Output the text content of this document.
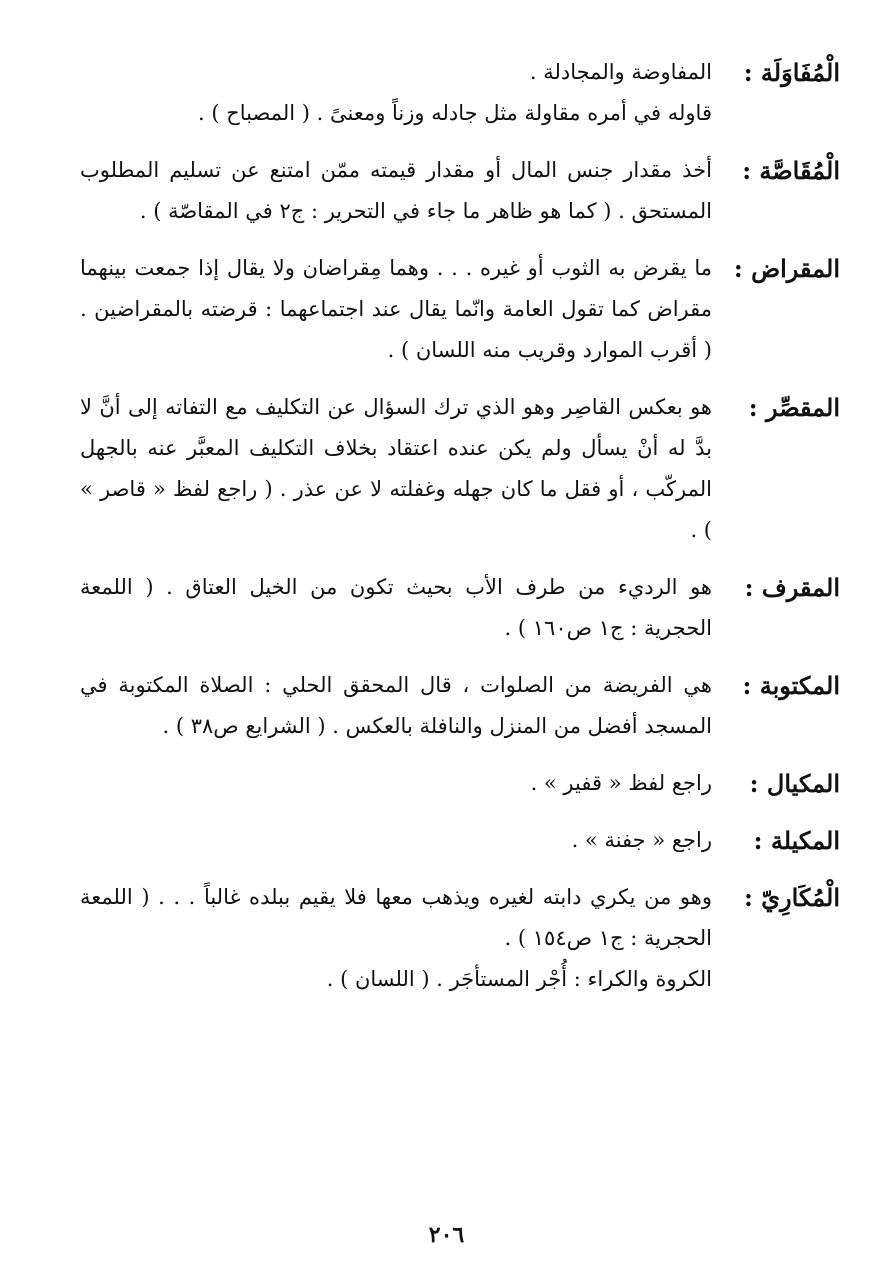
الْمُفَاوَلَة :
المفاوضة والمجادلة .
قاوله في أمره مقاولة مثل جادله وزناً ومعنىً . ( المصباح ) .
الْمُقَاصَّة :
أخذ مقدار جنس المال أو مقدار قيمته ممّن امتنع عن تسليم المطلوب المستحق . ( كما هو ظاهر ما جاء في التحرير : ج٢ في المقاصّة ) .
المقراض :
ما يقرض به الثوب أو غيره . . . وهما مِقراضان ولا يقال إذا جمعت بينهما مقراض كما تقول العامة وانّما يقال عند اجتماعهما : قرضته بالمقراضين . ( أقرب الموارد وقريب منه اللسان ) .
المقصِّر :
هو بعكس القاصِر وهو الذي ترك السؤال عن التكليف مع التفاته إلى أنَّ لا بدَّ له أنْ يسأل ولم يكن عنده اعتقاد بخلاف التكليف المعبَّر عنه بالجهل المركّب ، أو فقل ما كان جهله وغفلته لا عن عذر . ( راجع لفظ « قاصر » ) .
المقرف :
هو الرديء من طرف الأب بحيث تكون من الخيل العتاق . ( اللمعة الحجرية : ج١ ص١٦٠ ) .
المكتوبة :
هي الفريضة من الصلوات ، قال المحقق الحلي : الصلاة المكتوبة في المسجد أفضل من المنزل والنافلة بالعكس . ( الشرايع ص٣٨ ) .
المكيال :
راجع لفظ « قفير » .
المكيلة :
راجع « جفنة » .
الْمُكَارِيّ :
وهو من يكري دابته لغيره ويذهب معها فلا يقيم ببلده غالباً . . . ( اللمعة الحجرية : ج١ ص١٥٤ ) .
الكروة والكراء : أُجْر المستأجَر . ( اللسان ) .
٢٠٦
